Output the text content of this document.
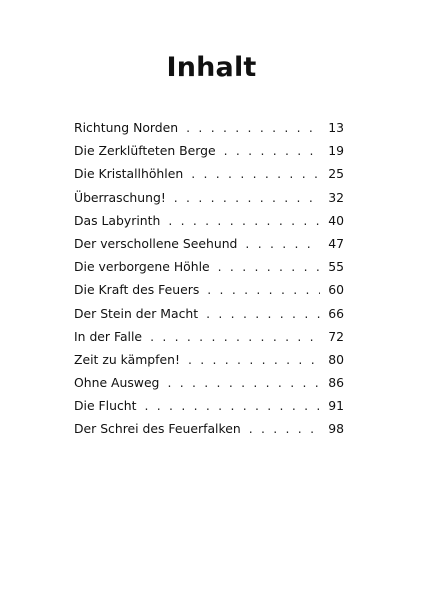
Inhalt
Richtung Norden . . .	13
Die Zerklüfteten Berge . . .	19
Die Kristallhöhlen . . .	25
Überraschung! . . .	32
Das Labyrinth . . .	40
Der verschollene Seehund . . .	47
Die verborgene Höhle . . .	55
Die Kraft des Feuers . . .	60
Der Stein der Macht . . .	66
In der Falle . . .	72
Zeit zu kämpfen! . . .	80
Ohne Ausweg . . .	86
Die Flucht . . .	91
Der Schrei des Feuerfalken . . .	98
